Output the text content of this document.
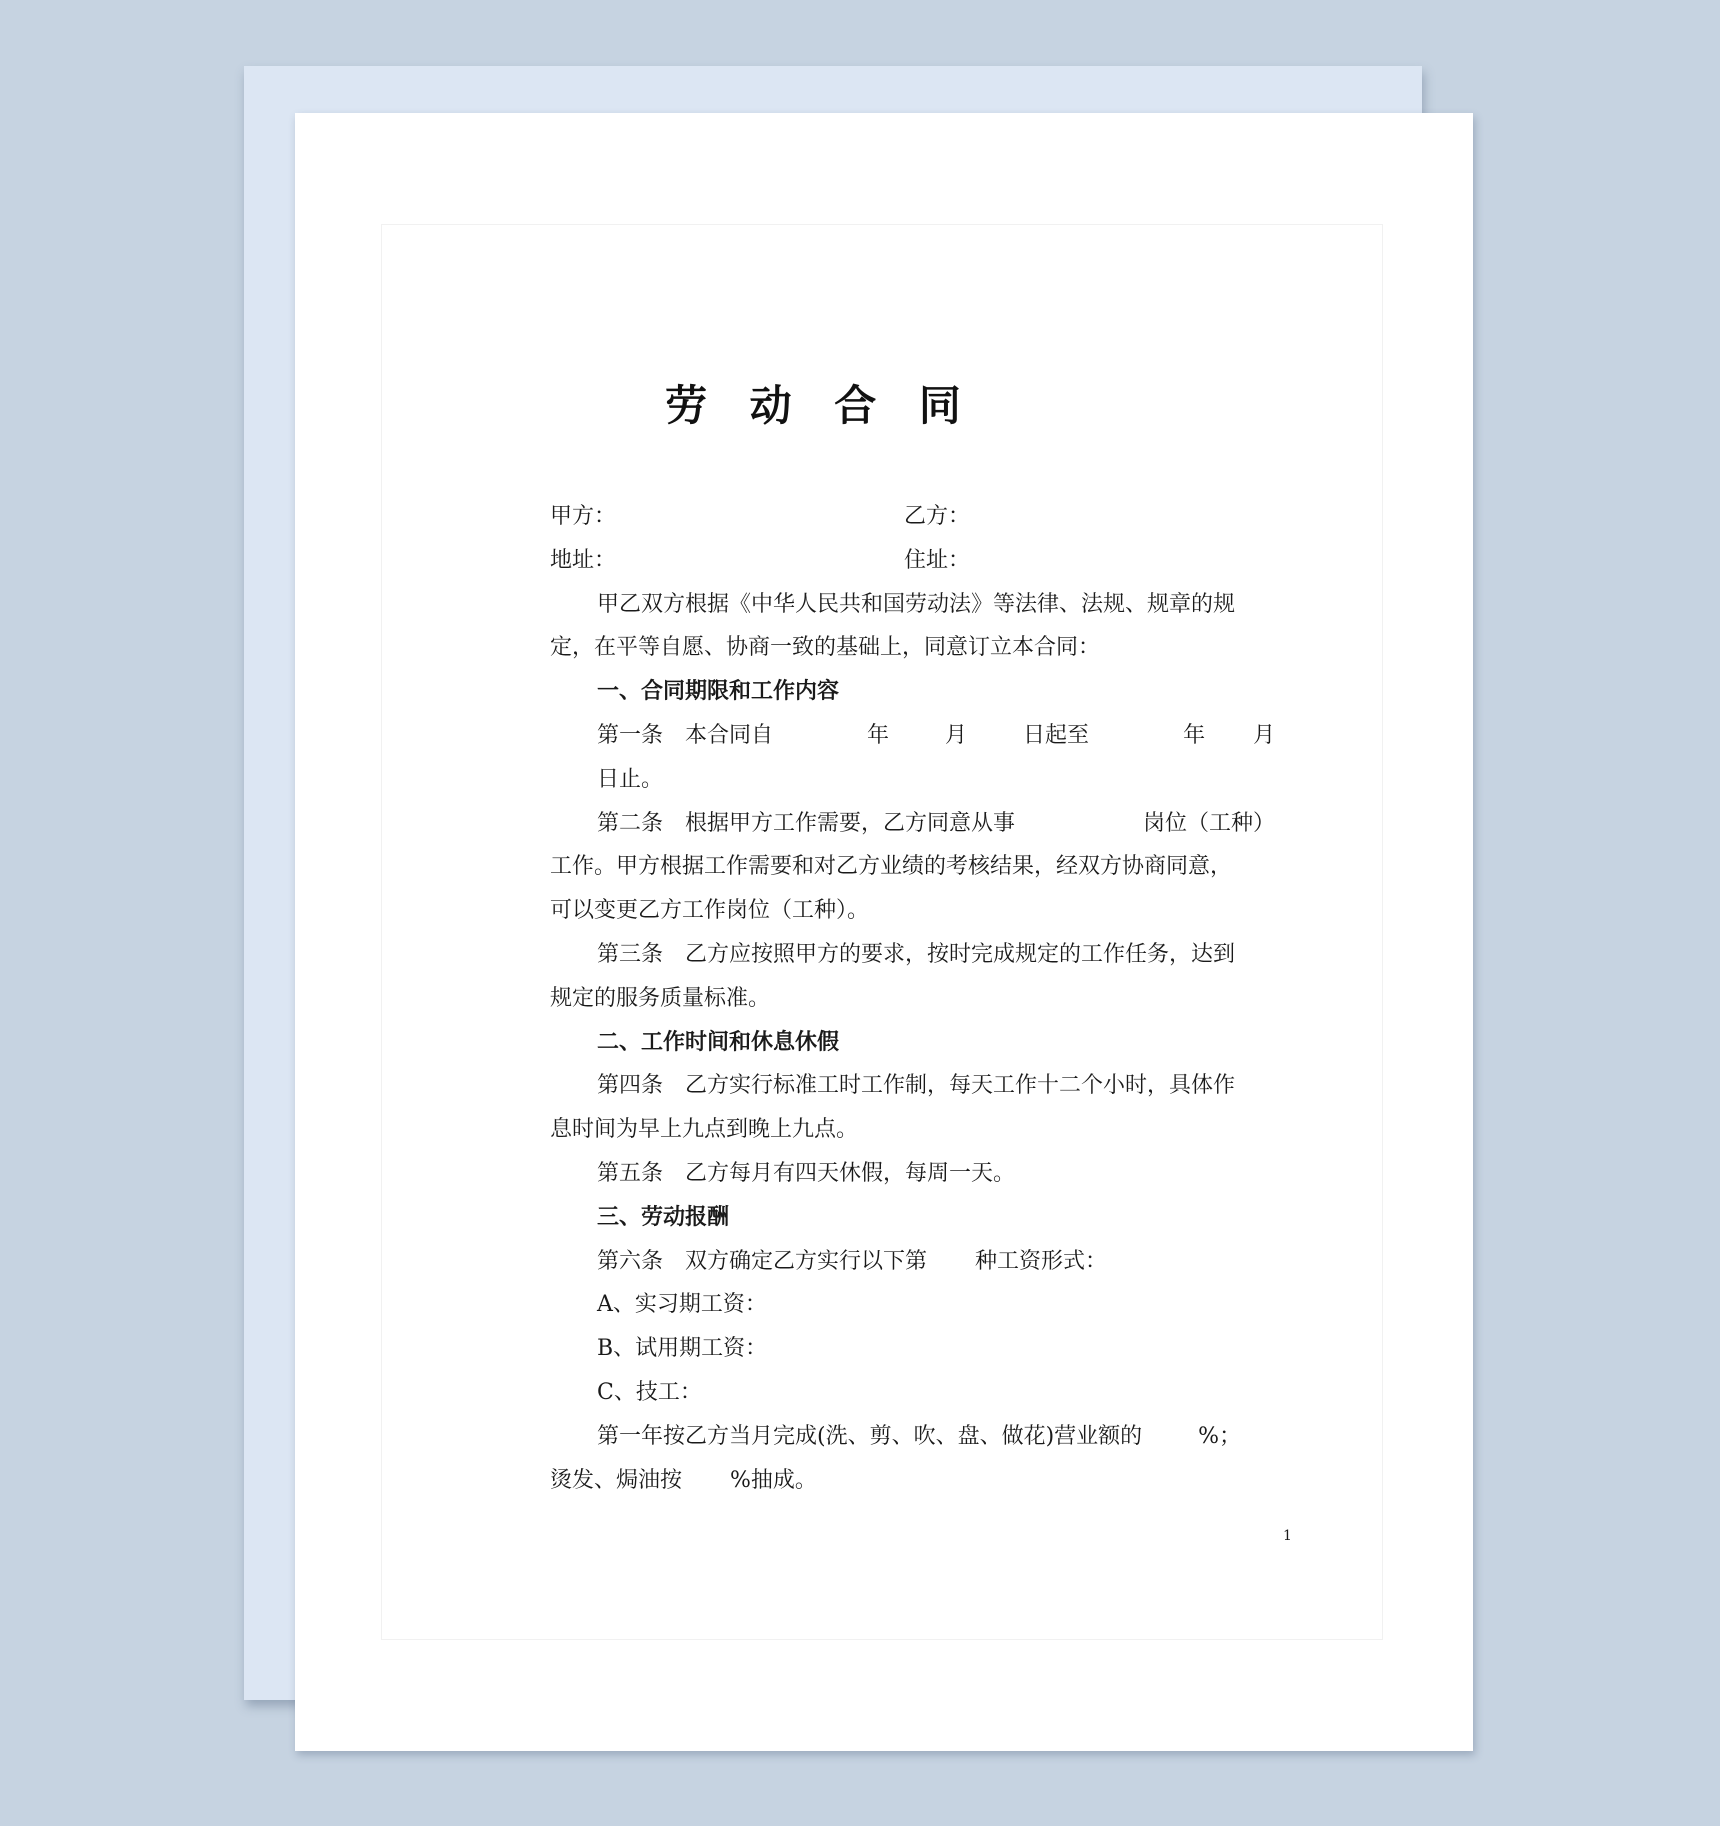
劳 动 合 同
甲方：	乙方：
地址：	住址：
甲乙双方根据《中华人民共和国劳动法》等法律、法规、规章的规
定，在平等自愿、协商一致的基础上，同意订立本合同：
一、合同期限和工作内容
第一条　本合同自	年	月	日起至	年 月
日止。
第二条　根据甲方工作需要，乙方同意从事	岗位（工种）
工作。甲方根据工作需要和对乙方业绩的考核结果，经双方协商同意，
可以变更乙方工作岗位（工种）。
第三条　乙方应按照甲方的要求，按时完成规定的工作任务，达到
规定的服务质量标准。
二、工作时间和休息休假
第四条　乙方实行标准工时工作制，每天工作十二个小时，具体作
息时间为早上九点到晚上九点。
第五条　乙方每月有四天休假，每周一天。
三、劳动报酬
第六条　双方确定乙方实行以下第 种工资形式：
A、实习期工资：
B、试用期工资：
C、技工：
第一年按乙方当月完成(洗、剪、吹、盘、做花)营业额的	%；
烫发、焗油按 %抽成。
1
